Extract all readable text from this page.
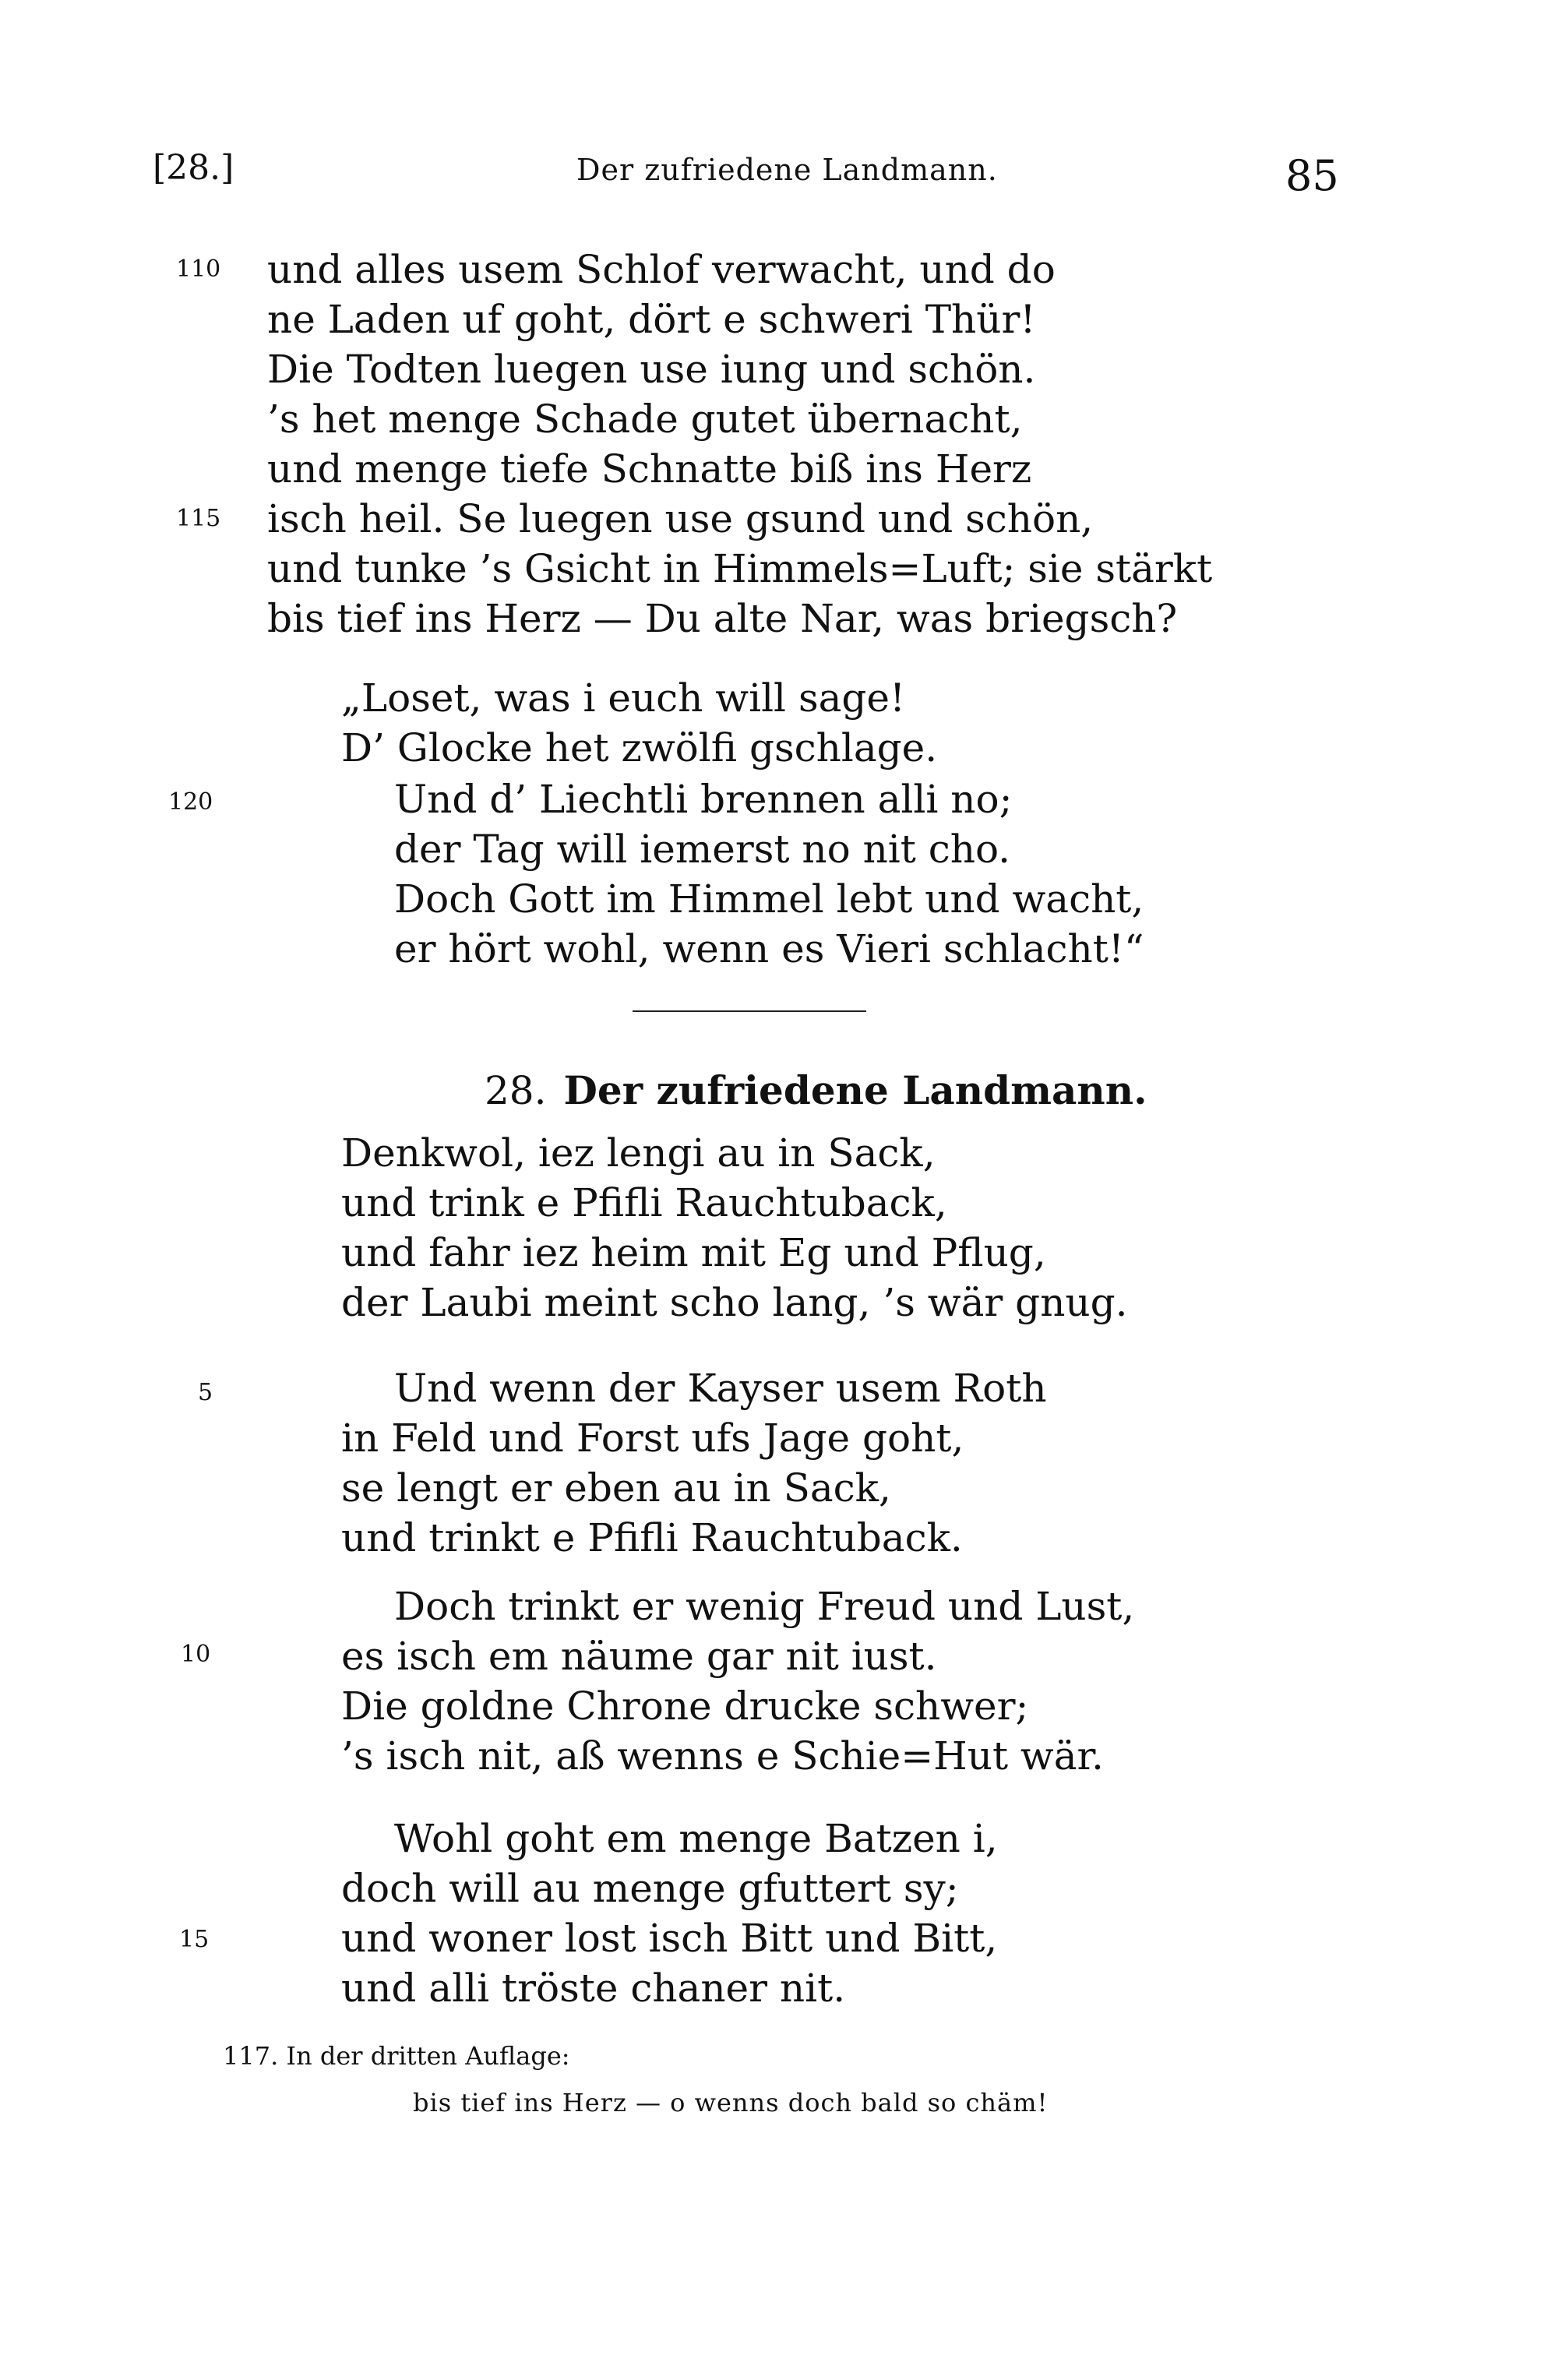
[28.]	Der zufriedene Landmann.	85
110
115
und alles usem Schlof verwacht, und do
ne Laden uf goht, dört e schweri Thür!
Die Todten luegen use iung und schön.
’s het menge Schade gutet übernacht,
und menge tiefe Schnatte biß ins Herz
isch heil. Se luegen use gsund und schön,
und tunke ’s Gsicht in Himmels=Luft; sie stärkt
bis tief ins Herz — Du alte Nar, was briegsch?
120
„Loset, was i euch will sage!
D’ Glocke het zwölfi gschlage.
Und d’ Liechtli brennen alli no;
der Tag will iemerst no nit cho.
Doch Gott im Himmel lebt und wacht,
er hört wohl, wenn es Vieri schlacht!“
28. Der zufriedene Landmann.
5
10
15
Denkwol, iez lengi au in Sack,
und trink e Pfifli Rauchtuback,
und fahr iez heim mit Eg und Pflug,
der Laubi meint scho lang, ’s wär gnug.
Und wenn der Kayser usem Roth
in Feld und Forst ufs Jage goht,
se lengt er eben au in Sack,
und trinkt e Pfifli Rauchtuback.
Doch trinkt er wenig Freud und Lust,
es isch em näume gar nit iust.
Die goldne Chrone drucke schwer;
’s isch nit, aß wenns e Schie=Hut wär.
Wohl goht em menge Batzen i,
doch will au menge gfuttert sy;
und woner lost isch Bitt und Bitt,
und alli tröste chaner nit.
117. In der dritten Auflage:
bis tief ins Herz — o wenns doch bald so chäm!
